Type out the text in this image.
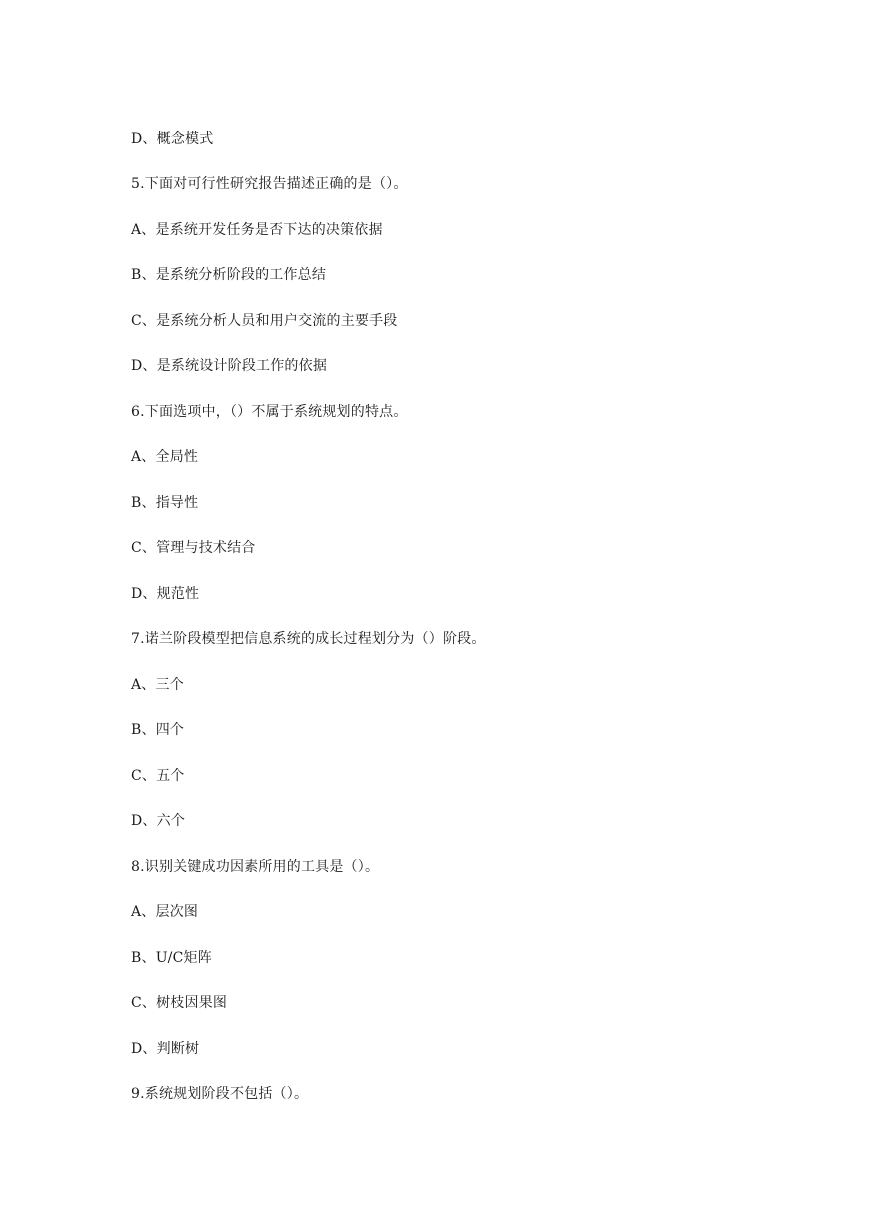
D、概念模式
5.下面对可行性研究报告描述正确的是（）。
A、是系统开发任务是否下达的决策依据
B、是系统分析阶段的工作总结
C、是系统分析人员和用户交流的主要手段
D、是系统设计阶段工作的依据
6.下面选项中，（）不属于系统规划的特点。
A、全局性
B、指导性
C、管理与技术结合
D、规范性
7.诺兰阶段模型把信息系统的成长过程划分为（）阶段。
A、三个
B、四个
C、五个
D、六个
8.识别关键成功因素所用的工具是（）。
A、层次图
B、U/C矩阵
C、树枝因果图
D、判断树
9.系统规划阶段不包括（）。
